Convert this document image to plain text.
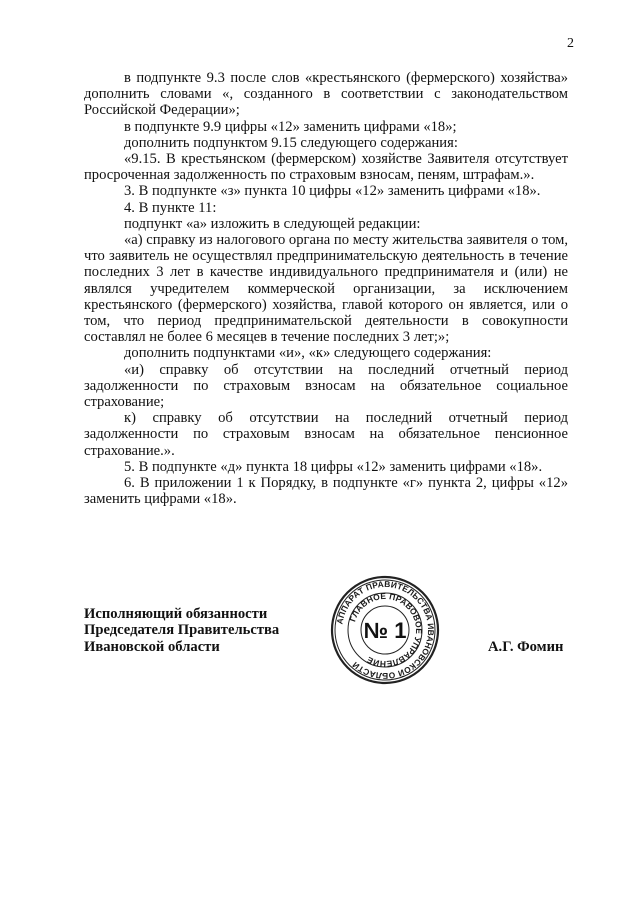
2

в подпункте 9.3 после слов «крестьянского (фермерского) хозяйства» дополнить словами «, созданного в соответствии с законодательством Российской Федерации»;

в подпункте 9.9 цифры «12» заменить цифрами «18»;

дополнить подпунктом 9.15 следующего содержания:

«9.15. В крестьянском (фермерском) хозяйстве Заявителя отсутствует просроченная задолженность по страховым взносам, пеням, штрафам.».

3. В подпункте «з» пункта 10 цифры «12» заменить цифрами «18».

4. В пункте 11:

подпункт «а» изложить в следующей редакции:

«а) справку из налогового органа по месту жительства заявителя о том, что заявитель не осуществлял предпринимательскую деятельность в течение последних 3 лет в качестве индивидуального предпринимателя и (или) не являлся учредителем коммерческой организации, за исключением крестьянского (фермерского) хозяйства, главой которого он является, или о том, что период предпринимательской деятельности в совокупности составлял не более 6 месяцев в течение последних 3 лет;»;

дополнить подпунктами «и», «к» следующего содержания:

«и) справку об отсутствии на последний отчетный период задолженности по страховым взносам на обязательное социальное страхование;

к) справку об отсутствии на последний отчетный период задолженности по страховым взносам на обязательное пенсионное страхование.».

5. В подпункте «д» пункта 18 цифры «12» заменить цифрами «18».

6. В приложении 1 к Порядку, в подпункте «г» пункта 2, цифры «12» заменить цифрами «18».

Исполняющий обязанности
Председателя Правительства
Ивановской области
АППАРАТ ПРАВИТЕЛЬСТВА ИВАНОВСКОЙ ОБЛАСТИ
ГЛАВНОЕ ПРАВОВОЕ УПРАВЛЕНИЕ
№ 1
А.Г. Фомин
